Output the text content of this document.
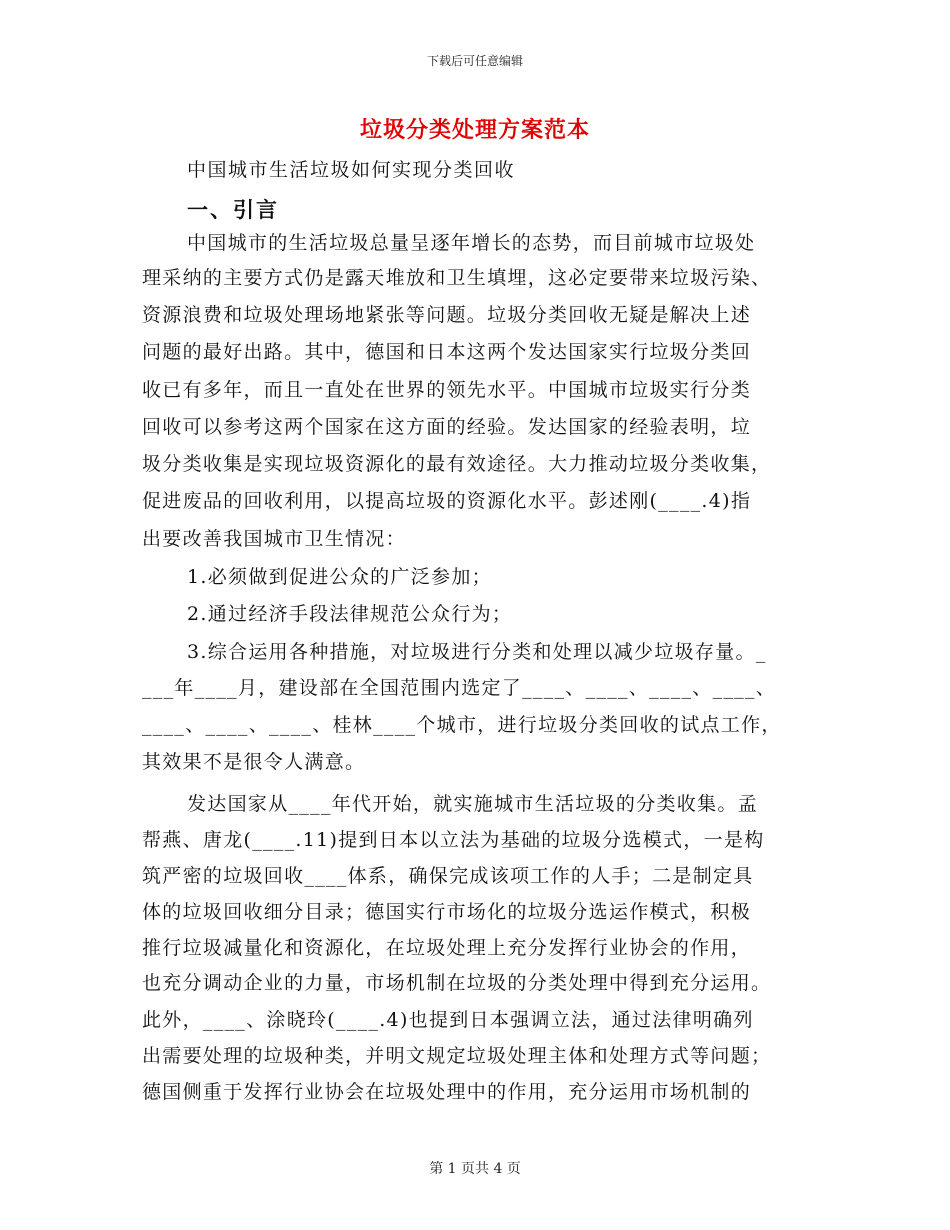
下载后可任意编辑
垃圾分类处理方案范本

中国城市生活垃圾如何实现分类回收

一、引言

中国城市的生活垃圾总量呈逐年增长的态势，而目前城市垃圾处

理采纳的主要方式仍是露天堆放和卫生填埋，这必定要带来垃圾污染、

资源浪费和垃圾处理场地紧张等问题。垃圾分类回收无疑是解决上述

问题的最好出路。其中，德国和日本这两个发达国家实行垃圾分类回

收已有多年，而且一直处在世界的领先水平。中国城市垃圾实行分类

回收可以参考这两个国家在这方面的经验。发达国家的经验表明，垃

圾分类收集是实现垃圾资源化的最有效途径。大力推动垃圾分类收集，

促进废品的回收利用，以提高垃圾的资源化水平。彭述刚(____.4)指

出要改善我国城市卫生情况：

1.必须做到促进公众的广泛参加；

2.通过经济手段法律规范公众行为；

3.综合运用各种措施，对垃圾进行分类和处理以减少垃圾存量。_

___年____月，建设部在全国范围内选定了____、____、____、____、

____、____、____、桂林____个城市，进行垃圾分类回收的试点工作，

其效果不是很令人满意。

发达国家从____年代开始，就实施城市生活垃圾的分类收集。孟

帮燕、唐龙(____.11)提到日本以立法为基础的垃圾分选模式，一是构

筑严密的垃圾回收____体系，确保完成该项工作的人手；二是制定具

体的垃圾回收细分目录；德国实行市场化的垃圾分选运作模式，积极

推行垃圾减量化和资源化，在垃圾处理上充分发挥行业协会的作用，

也充分调动企业的力量，市场机制在垃圾的分类处理中得到充分运用。

此外，____、涂晓玲(____.4)也提到日本强调立法，通过法律明确列

出需要处理的垃圾种类，并明文规定垃圾处理主体和处理方式等问题；

德国侧重于发挥行业协会在垃圾处理中的作用，充分运用市场机制的

第 1 页共 4 页
